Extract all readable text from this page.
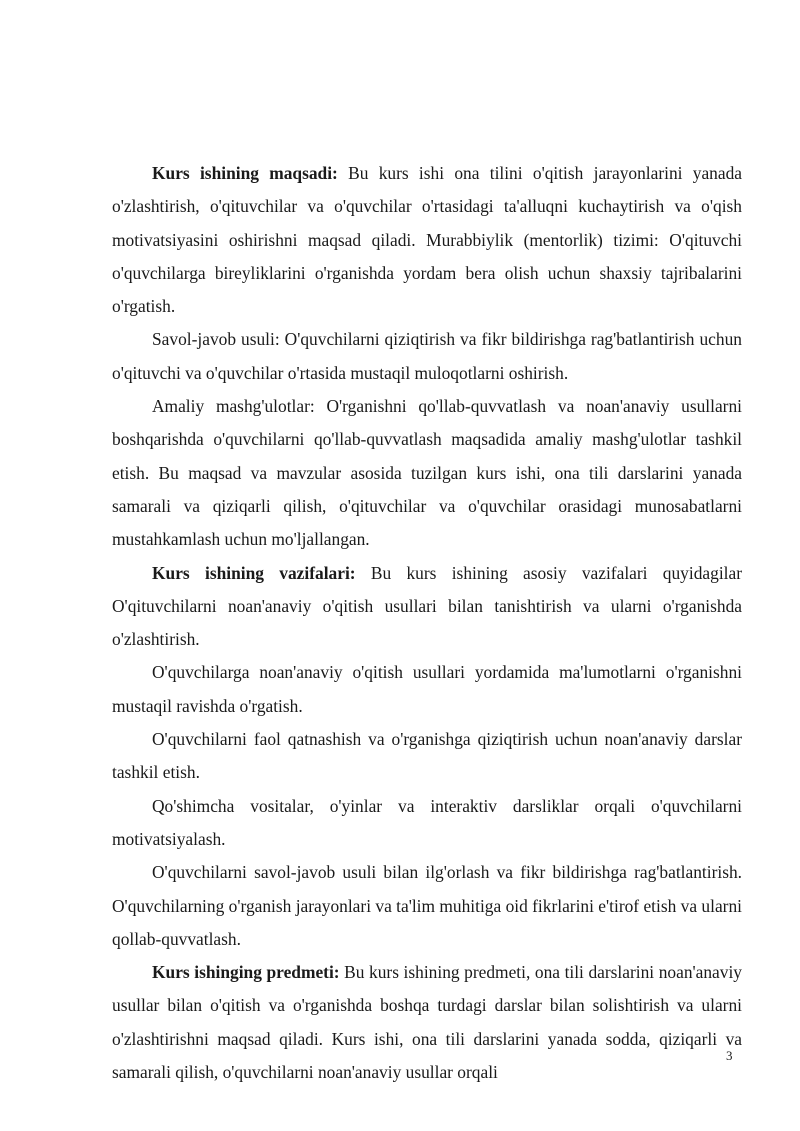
Kurs ishining maqsadi: Bu kurs ishi ona tilini o'qitish jarayonlarini yanada o'zlashtirish, o'qituvchilar va o'quvchilar o'rtasidagi ta'alluqni kuchaytirish va o'qish motivatsiyasini oshirishni maqsad qiladi. Murabbiylik (mentorlik) tizimi: O'qituvchi o'quvchilarga bireyliklarini o'rganishda yordam bera olish uchun shaxsiy tajribalarini o'rgatish.

Savol-javob usuli: O'quvchilarni qiziqtirish va fikr bildirishga rag'batlantirish uchun o'qituvchi va o'quvchilar o'rtasida mustaqil muloqotlarni oshirish.

Amaliy mashg'ulotlar: O'rganishni qo'llab-quvvatlash va noan'anaviy usullarni boshqarishda o'quvchilarni qo'llab-quvvatlash maqsadida amaliy mashg'ulotlar tashkil etish. Bu maqsad va mavzular asosida tuzilgan kurs ishi, ona tili darslarini yanada samarali va qiziqarli qilish, o'qituvchilar va o'quvchilar orasidagi munosabatlarni mustahkamlash uchun mo'ljallangan.

Kurs ishining vazifalari: Bu kurs ishining asosiy vazifalari quyidagilar O'qituvchilarni noan'anaviy o'qitish usullari bilan tanishtirish va ularni o'rganishda o'zlashtirish.

O'quvchilarga noan'anaviy o'qitish usullari yordamida ma'lumotlarni o'rganishni mustaqil ravishda o'rgatish.

O'quvchilarni faol qatnashish va o'rganishga qiziqtirish uchun noan'anaviy darslar tashkil etish.

Qo'shimcha vositalar, o'yinlar va interaktiv darsliklar orqali o'quvchilarni motivatsiyalash.

O'quvchilarni savol-javob usuli bilan ilg'orlash va fikr bildirishga rag'batlantirish. O'quvchilarning o'rganish jarayonlari va ta'lim muhitiga oid fikrlarini e'tirof etish va ularni qollab-quvvatlash.

Kurs ishinging predmeti: Bu kurs ishining predmeti, ona tili darslarini noan'anaviy usullar bilan o'qitish va o'rganishda boshqa turdagi darslar bilan solishtirish va ularni o'zlashtirishni maqsad qiladi. Kurs ishi, ona tili darslarini yanada sodda, qiziqarli va samarali qilish, o'quvchilarni noan'anaviy usullar orqali

3
